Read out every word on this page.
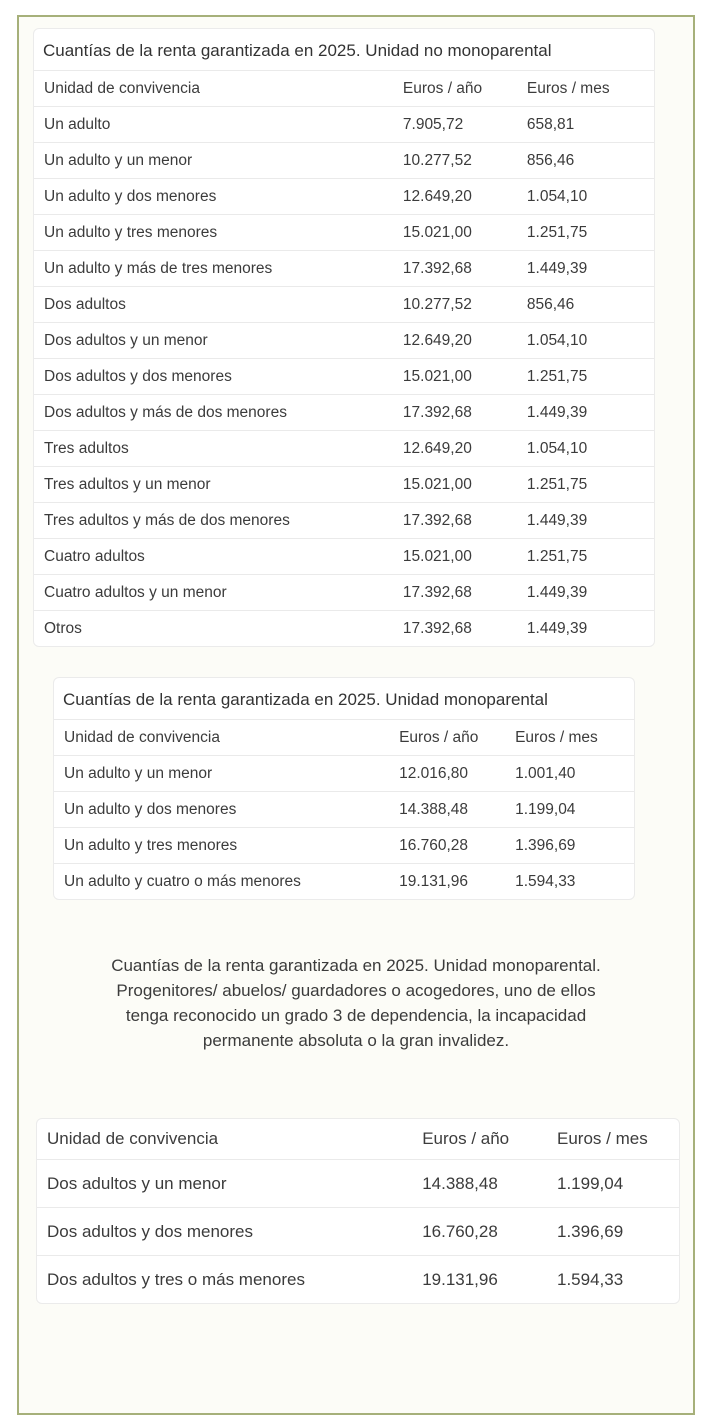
Cuantías de la renta garantizada en 2025. Unidad no monoparental
Unidad de convivencia	Euros / año	Euros / mes
Un adulto	7.905,72	658,81
Un adulto y un menor	10.277,52	856,46
Un adulto y dos menores	12.649,20	1.054,10
Un adulto y tres menores	15.021,00	1.251,75
Un adulto y más de tres menores	17.392,68	1.449,39
Dos adultos	10.277,52	856,46
Dos adultos y un menor	12.649,20	1.054,10
Dos adultos y dos menores	15.021,00	1.251,75
Dos adultos y más de dos menores	17.392,68	1.449,39
Tres adultos	12.649,20	1.054,10
Tres adultos y un menor	15.021,00	1.251,75
Tres adultos y más de dos menores	17.392,68	1.449,39
Cuatro adultos	15.021,00	1.251,75
Cuatro adultos y un menor	17.392,68	1.449,39
Otros	17.392,68	1.449,39
Cuantías de la renta garantizada en 2025. Unidad monoparental
Unidad de convivencia	Euros / año	Euros / mes
Un adulto y un menor	12.016,80	1.001,40
Un adulto y dos menores	14.388,48	1.199,04
Un adulto y tres menores	16.760,28	1.396,69
Un adulto y cuatro o más menores	19.131,96	1.594,33

Cuantías de la renta garantizada en 2025. Unidad monoparental. Progenitores/ abuelos/ guardadores o acogedores, uno de ellos tenga reconocido un grado 3 de dependencia, la incapacidad permanente absoluta o la gran invalidez.

Unidad de convivencia	Euros / año	Euros / mes
Dos adultos y un menor	14.388,48	1.199,04
Dos adultos y dos menores	16.760,28	1.396,69
Dos adultos y tres o más menores	19.131,96	1.594,33
